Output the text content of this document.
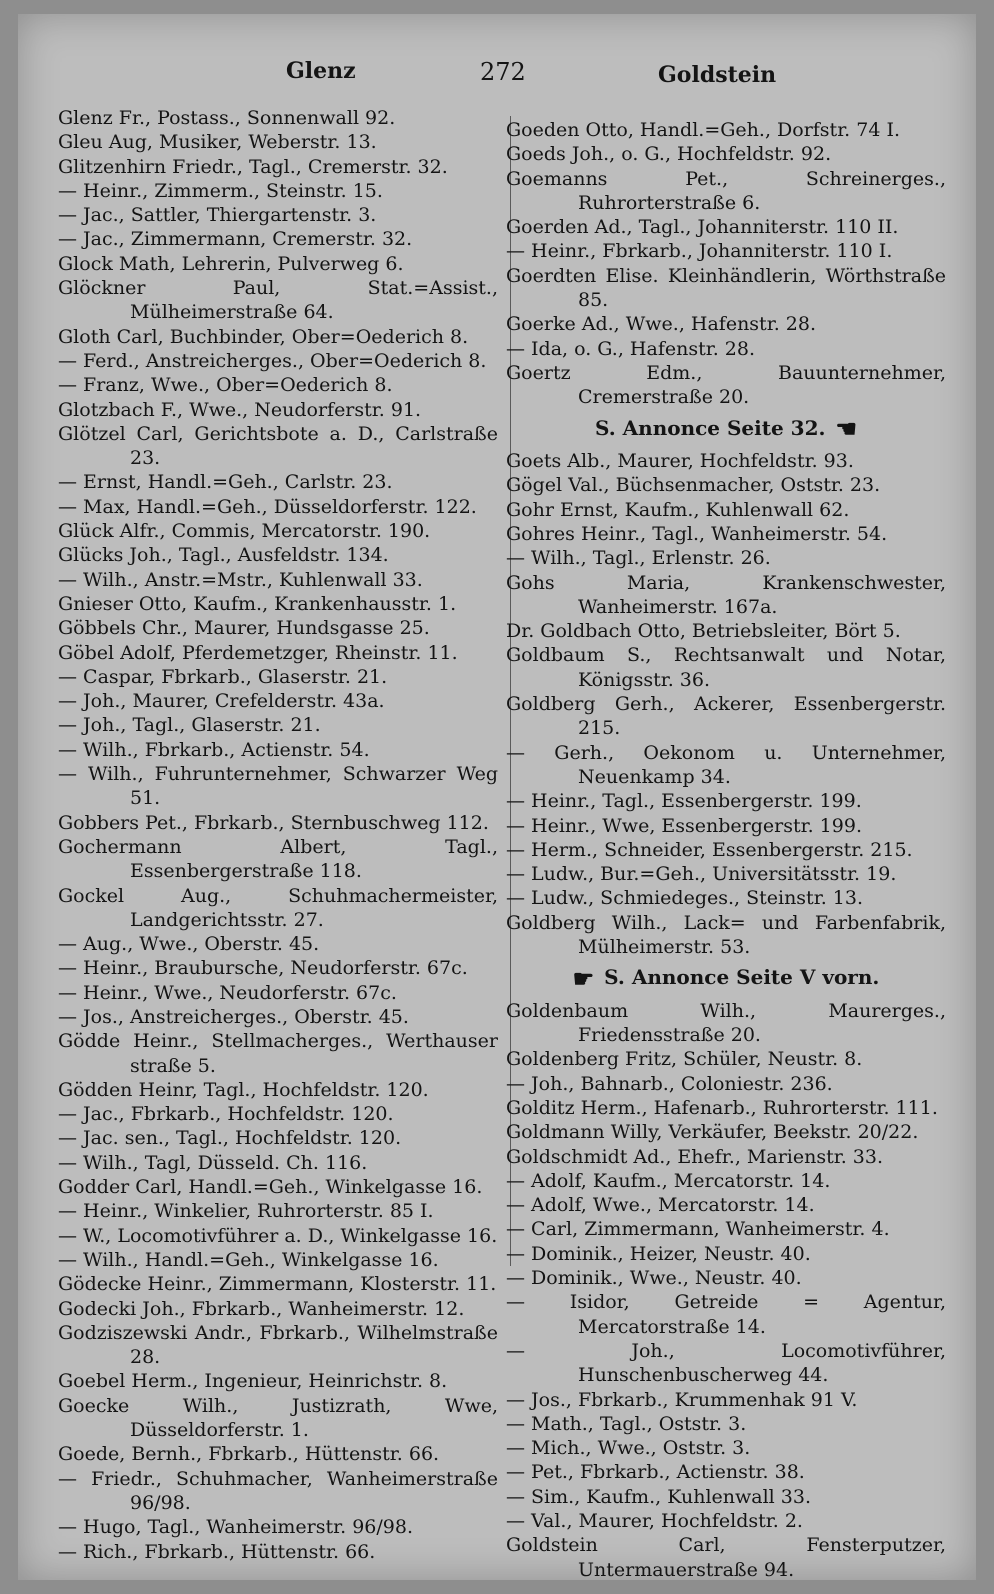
Glenz	272	Goldstein
Glenz Fr., Postass., Sonnenwall 92.
Gleu Aug, Musiker, Weberstr. 13.
Glitzenhirn Friedr., Tagl., Cremerstr. 32.
— Heinr., Zimmerm., Steinstr. 15.
— Jac., Sattler, Thiergartenstr. 3.
— Jac., Zimmermann, Cremerstr. 32.
Glock Math, Lehrerin, Pulverweg 6.
Glöckner Paul, Stat.=Assist., Mülheimerstraße 64.
Gloth Carl, Buchbinder, Ober=Oederich 8.
— Ferd., Anstreicherges., Ober=Oederich 8.
— Franz, Wwe., Ober=Oederich 8.
Glotzbach F., Wwe., Neudorferstr. 91.
Glötzel Carl, Gerichtsbote a. D., Carlstraße 23.
— Ernst, Handl.=Geh., Carlstr. 23.
— Max, Handl.=Geh., Düsseldorferstr. 122.
Glück Alfr., Commis, Mercatorstr. 190.
Glücks Joh., Tagl., Ausfeldstr. 134.
— Wilh., Anstr.=Mstr., Kuhlenwall 33.
Gnieser Otto, Kaufm., Krankenhausstr. 1.
Göbbels Chr., Maurer, Hundsgasse 25.
Göbel Adolf, Pferdemetzger, Rheinstr. 11.
— Caspar, Fbrkarb., Glaserstr. 21.
— Joh., Maurer, Crefelderstr. 43a.
— Joh., Tagl., Glaserstr. 21.
— Wilh., Fbrkarb., Actienstr. 54.
— Wilh., Fuhrunternehmer, Schwarzer Weg 51.
Gobbers Pet., Fbrkarb., Sternbuschweg 112.
Gochermann Albert, Tagl., Essenbergerstraße 118.
Gockel Aug., Schuhmachermeister, Landgerichtsstr. 27.
— Aug., Wwe., Oberstr. 45.
— Heinr., Braubursche, Neudorferstr. 67c.
— Heinr., Wwe., Neudorferstr. 67c.
— Jos., Anstreicherges., Oberstr. 45.
Gödde Heinr., Stellmacherges., Werthauser straße 5.
Gödden Heinr, Tagl., Hochfeldstr. 120.
— Jac., Fbrkarb., Hochfeldstr. 120.
— Jac. sen., Tagl., Hochfeldstr. 120.
— Wilh., Tagl, Düsseld. Ch. 116.
Godder Carl, Handl.=Geh., Winkelgasse 16.
— Heinr., Winkelier, Ruhrorterstr. 85 I.
— W., Locomotivführer a. D., Winkelgasse 16.
— Wilh., Handl.=Geh., Winkelgasse 16.
Gödecke Heinr., Zimmermann, Klosterstr. 11.
Godecki Joh., Fbrkarb., Wanheimerstr. 12.
Godziszewski Andr., Fbrkarb., Wilhelmstraße 28.
Goebel Herm., Ingenieur, Heinrichstr. 8.
Goecke Wilh., Justizrath, Wwe, Düsseldorferstr. 1.
Goede, Bernh., Fbrkarb., Hüttenstr. 66.
— Friedr., Schuhmacher, Wanheimerstraße 96/98.
— Hugo, Tagl., Wanheimerstr. 96/98.
— Rich., Fbrkarb., Hüttenstr. 66.
Goeden Otto, Handl.=Geh., Dorfstr. 74 I.
Goeds Joh., o. G., Hochfeldstr. 92.
Goemanns Pet., Schreinerges., Ruhrorterstraße 6.
Goerden Ad., Tagl., Johanniterstr. 110 II.
— Heinr., Fbrkarb., Johanniterstr. 110 I.
Goerdten Elise. Kleinhändlerin, Wörthstraße 85.
Goerke Ad., Wwe., Hafenstr. 28.
— Ida, o. G., Hafenstr. 28.
Goertz Edm., Bauunternehmer, Cremerstraße 20.
S. Annonce Seite 32. ☚
Goets Alb., Maurer, Hochfeldstr. 93.
Gögel Val., Büchsenmacher, Oststr. 23.
Gohr Ernst, Kaufm., Kuhlenwall 62.
Gohres Heinr., Tagl., Wanheimerstr. 54.
— Wilh., Tagl., Erlenstr. 26.
Gohs Maria, Krankenschwester, Wanheimerstr. 167a.
Dr. Goldbach Otto, Betriebsleiter, Bört 5.
Goldbaum S., Rechtsanwalt und Notar, Königsstr. 36.
Goldberg Gerh., Ackerer, Essenbergerstr. 215.
— Gerh., Oekonom u. Unternehmer, Neuenkamp 34.
— Heinr., Tagl., Essenbergerstr. 199.
— Heinr., Wwe, Essenbergerstr. 199.
— Herm., Schneider, Essenbergerstr. 215.
— Ludw., Bur.=Geh., Universitätsstr. 19.
— Ludw., Schmiedeges., Steinstr. 13.
Goldberg Wilh., Lack= und Farbenfabrik, Mülheimerstr. 53.
☛ S. Annonce Seite V vorn.
Goldenbaum Wilh., Maurerges., Friedensstraße 20.
Goldenberg Fritz, Schüler, Neustr. 8.
— Joh., Bahnarb., Coloniestr. 236.
Golditz Herm., Hafenarb., Ruhrorterstr. 111.
Goldmann Willy, Verkäufer, Beekstr. 20/22.
Goldschmidt Ad., Ehefr., Marienstr. 33.
— Adolf, Kaufm., Mercatorstr. 14.
— Adolf, Wwe., Mercatorstr. 14.
— Carl, Zimmermann, Wanheimerstr. 4.
— Dominik., Heizer, Neustr. 40.
— Dominik., Wwe., Neustr. 40.
— Isidor, Getreide = Agentur, Mercatorstraße 14.
— Joh., Locomotivführer, Hunschenbuscherweg 44.
— Jos., Fbrkarb., Krummenhak 91 V.
— Math., Tagl., Oststr. 3.
— Mich., Wwe., Oststr. 3.
— Pet., Fbrkarb., Actienstr. 38.
— Sim., Kaufm., Kuhlenwall 33.
— Val., Maurer, Hochfeldstr. 2.
Goldstein Carl, Fensterputzer, Untermauerstraße 94.
